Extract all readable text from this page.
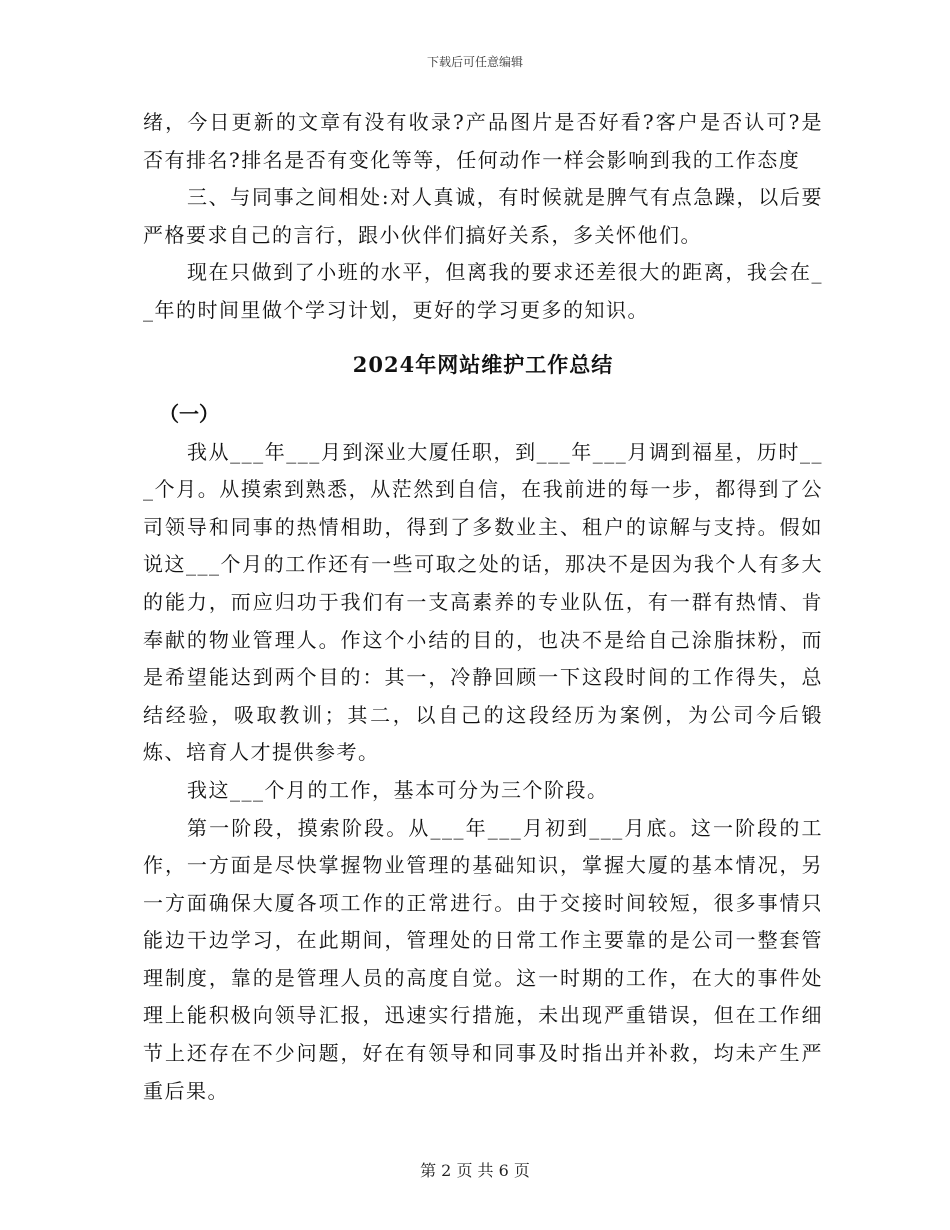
下载后可任意编辑

绪，今日更新的文章有没有收录?产品图片是否好看?客户是否认可?是否有排名?排名是否有变化等等，任何动作一样会影响到我的工作态度

三、与同事之间相处:对人真诚，有时候就是脾气有点急躁，以后要严格要求自己的言行，跟小伙伴们搞好关系，多关怀他们。

现在只做到了小班的水平，但离我的要求还差很大的距离，我会在__年的时间里做个学习计划，更好的学习更多的知识。

2024年网站维护工作总结

（一）

我从___年___月到深业大厦任职，到___年___月调到福星，历时___个月。从摸索到熟悉，从茫然到自信，在我前进的每一步，都得到了公司领导和同事的热情相助，得到了多数业主、租户的谅解与支持。假如说这___个月的工作还有一些可取之处的话，那决不是因为我个人有多大的能力，而应归功于我们有一支高素养的专业队伍，有一群有热情、肯奉献的物业管理人。作这个小结的目的，也决不是给自己涂脂抹粉，而是希望能达到两个目的：其一，冷静回顾一下这段时间的工作得失，总结经验，吸取教训；其二，以自己的这段经历为案例，为公司今后锻炼、培育人才提供参考。

我这___个月的工作，基本可分为三个阶段。

第一阶段，摸索阶段。从___年___月初到___月底。这一阶段的工作，一方面是尽快掌握物业管理的基础知识，掌握大厦的基本情况，另一方面确保大厦各项工作的正常进行。由于交接时间较短，很多事情只能边干边学习，在此期间，管理处的日常工作主要靠的是公司一整套管理制度，靠的是管理人员的高度自觉。这一时期的工作，在大的事件处理上能积极向领导汇报，迅速实行措施，未出现严重错误，但在工作细节上还存在不少问题，好在有领导和同事及时指出并补救，均未产生严重后果。

第 2 页 共 6 页
